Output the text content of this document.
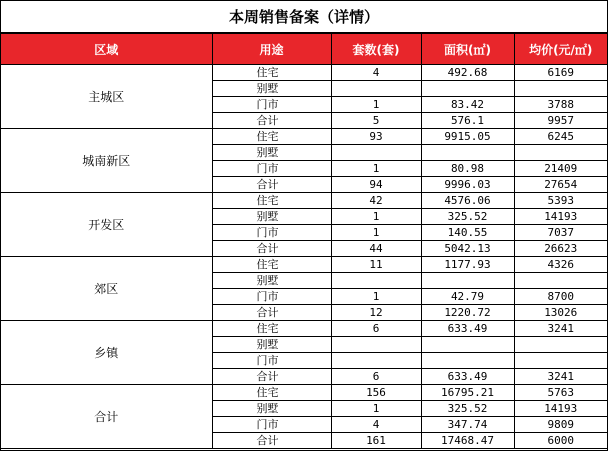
本周销售备案（详情）
区域	用途	套数(套)	面积(㎡)	均价(元/㎡)
主城区	住宅	4	492.68	6169
	别墅			
	门市	1	83.42	3788
	合计	5	576.1	9957
城南新区	住宅	93	9915.05	6245
	别墅			
	门市	1	80.98	21409
	合计	94	9996.03	27654
开发区	住宅	42	4576.06	5393
	别墅	1	325.52	14193
	门市	1	140.55	7037
	合计	44	5042.13	26623
郊区	住宅	11	1177.93	4326
	别墅			
	门市	1	42.79	8700
	合计	12	1220.72	13026
乡镇	住宅	6	633.49	3241
	别墅			
	门市			
	合计	6	633.49	3241
合计	住宅	156	16795.21	5763
	别墅	1	325.52	14193
	门市	4	347.74	9809
	合计	161	17468.47	6000
